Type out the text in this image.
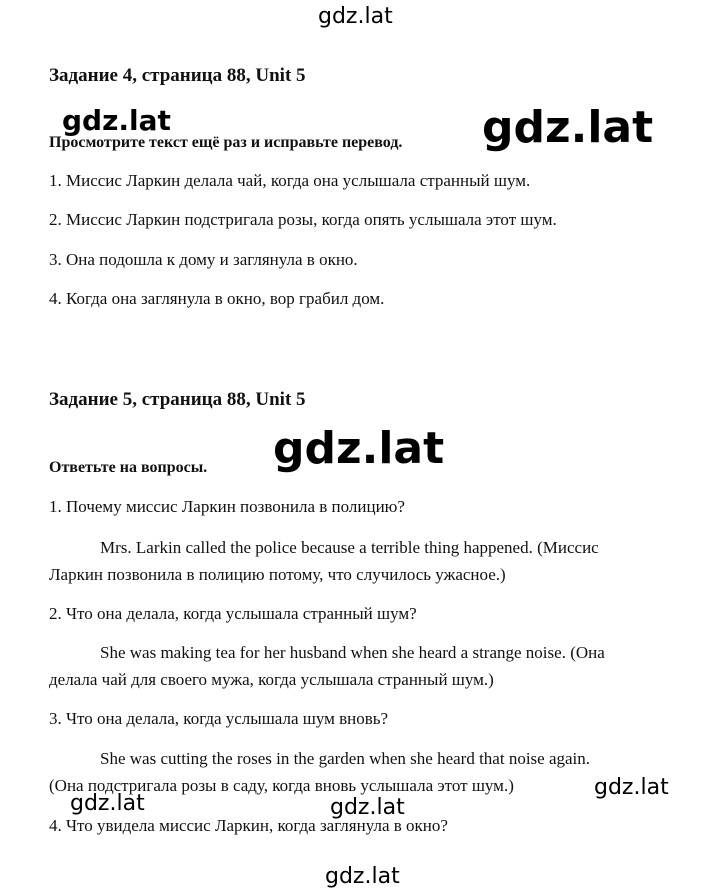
gdz.lat
gdz.lat	gdz.lat
gdz.lat
gdz.lat
gdz.lat	gdz.lat
gdz.lat
Задание 4, страница 88, Unit 5
Просмотрите текст ещё раз и исправьте перевод.
1. Миссис Ларкин делала чай, когда она услышала странный шум.
2. Миссис Ларкин подстригала розы, когда опять услышала этот шум.
3. Она подошла к дому и заглянула в окно.
4. Когда она заглянула в окно, вор грабил дом.
Задание 5, страница 88, Unit 5
Ответьте на вопросы.
1. Почему миссис Ларкин позвонила в полицию?
Mrs. Larkin called the police because a terrible thing happened. (Миссис
Ларкин позвонила в полицию потому, что случилось ужасное.)
2. Что она делала, когда услышала странный шум?
She was making tea for her husband when she heard a strange noise. (Она
делала чай для своего мужа, когда услышала странный шум.)
3. Что она делала, когда услышала шум вновь?
She was cutting the roses in the garden when she heard that noise again.
(Она подстригала розы в саду, когда вновь услышала этот шум.)
4. Что увидела миссис Ларкин, когда заглянула в окно?
